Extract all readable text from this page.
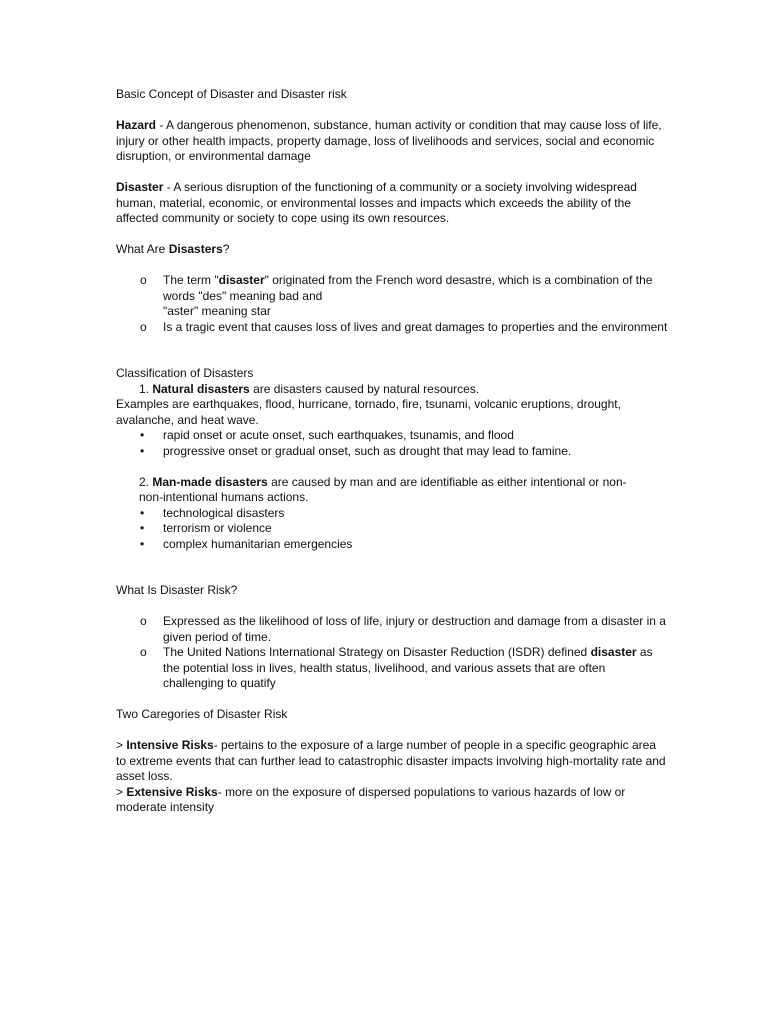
Basic Concept of Disaster and Disaster risk

Hazard - A dangerous phenomenon, substance, human activity or condition that may cause loss of life, injury or other health impacts, property damage, loss of livelihoods and services, social and economic disruption, or environmental damage

Disaster - A serious disruption of the functioning of a community or a society involving widespread human, material, economic, or environmental losses and impacts which exceeds the ability of the affected community or society to cope using its own resources.

What Are Disasters?

o The term "disaster" originated from the French word desastre, which is a combination of the words "des" meaning bad and
"aster" meaning star
o Is a tragic event that causes loss of lives and great damages to properties and the environment

Classification of Disasters

1. Natural disasters are disasters caused by natural resources.

Examples are earthquakes, flood, hurricane, tornado, fire, tsunami, volcanic eruptions, drought, avalanche, and heat wave.

• rapid onset or acute onset, such earthquakes, tsunamis, and flood
• progressive onset or gradual onset, such as drought that may lead to famine.

2. Man-made disasters are caused by man and are identifiable as either intentional or non-

non-intentional humans actions.

• technological disasters
• terrorism or violence
• complex humanitarian emergencies

What Is Disaster Risk?

o Expressed as the likelihood of loss of life, injury or destruction and damage from a disaster in a given period of time.
o The United Nations International Strategy on Disaster Reduction (ISDR) defined disaster as the potential loss in lives, health status, livelihood, and various assets that are often challenging to quatify

Two Caregories of Disaster Risk

> Intensive Risks- pertains to the exposure of a large number of people in a specific geographic area to extreme events that can further lead to catastrophic disaster impacts involving high-mortality rate and asset loss.

> Extensive Risks- more on the exposure of dispersed populations to various hazards of low or moderate intensity
